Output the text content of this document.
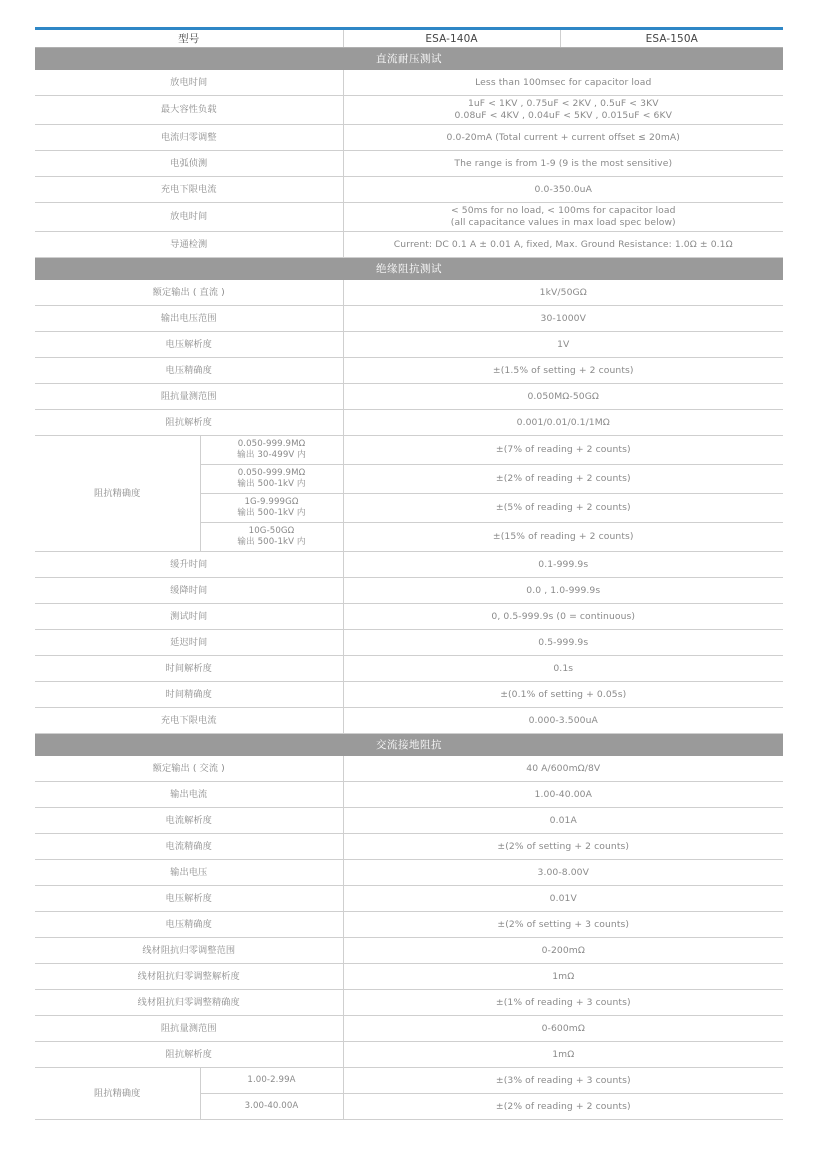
型号		ESA-140A	ESA-150A
直流耐压测试			
放电时间		Less than 100msec for capacitor load	

最大容性负载		1uF < 1KV , 0.75uF < 2KV , 0.5uF < 3KV
0.08uF < 4KV , 0.04uF < 5KV , 0.015uF < 6KV	

电流归零调整		0.0-20mA (Total current + current offset ≤ 20mA)	

电弧侦测		The range is from 1-9 (9 is the most sensitive)	

充电下限电流		0.0-350.0uA	

放电时间		< 50ms for no load, < 100ms for capacitor load
(all capacitance values in max load spec below)	

导通检测		Current: DC 0.1 A ± 0.01 A, fixed, Max. Ground Resistance: 1.0Ω ± 0.1Ω	

绝缘阻抗测试			
额定输出 ( 直流 )		1kV/50GΩ	

输出电压范围		30-1000V	

电压解析度		1V	

电压精确度		±(1.5% of setting + 2 counts)	

阻抗量测范围		0.050MΩ-50GΩ	

阻抗解析度		0.001/0.01/0.1/1MΩ	

阻抗精确度	0.050-999.9MΩ
输出 30-499V 内	±(7% of reading + 2 counts)	

	0.050-999.9MΩ
输出 500-1kV 内	±(2% of reading + 2 counts)	

	1G-9.999GΩ
输出 500-1kV 内	±(5% of reading + 2 counts)	

	10G-50GΩ
输出 500-1kV 内	±(15% of reading + 2 counts)	
缓升时间		0.1-999.9s	

缓降时间		0.0 , 1.0-999.9s	

测试时间		0, 0.5-999.9s (0 = continuous)	

延迟时间		0.5-999.9s	

时间解析度		0.1s	

时间精确度		±(0.1% of setting + 0.05s)	

充电下限电流		0.000-3.500uA	

交流接地阻抗			
额定输出 ( 交流 )		40 A/600mΩ/8V	

输出电流		1.00-40.00A	

电流解析度		0.01A	

电流精确度		±(2% of setting + 2 counts)	

输出电压		3.00-8.00V	

电压解析度		0.01V	

电压精确度		±(2% of setting + 3 counts)	

线材阻抗归零调整范围		0-200mΩ	

线材阻抗归零调整解析度		1mΩ	

线材阻抗归零调整精确度		±(1% of reading + 3 counts)	

阻抗量测范围		0-600mΩ	

阻抗解析度		1mΩ	

阻抗精确度	1.00-2.99A	±(3% of reading + 3 counts)	

	3.00-40.00A	±(2% of reading + 2 counts)	
